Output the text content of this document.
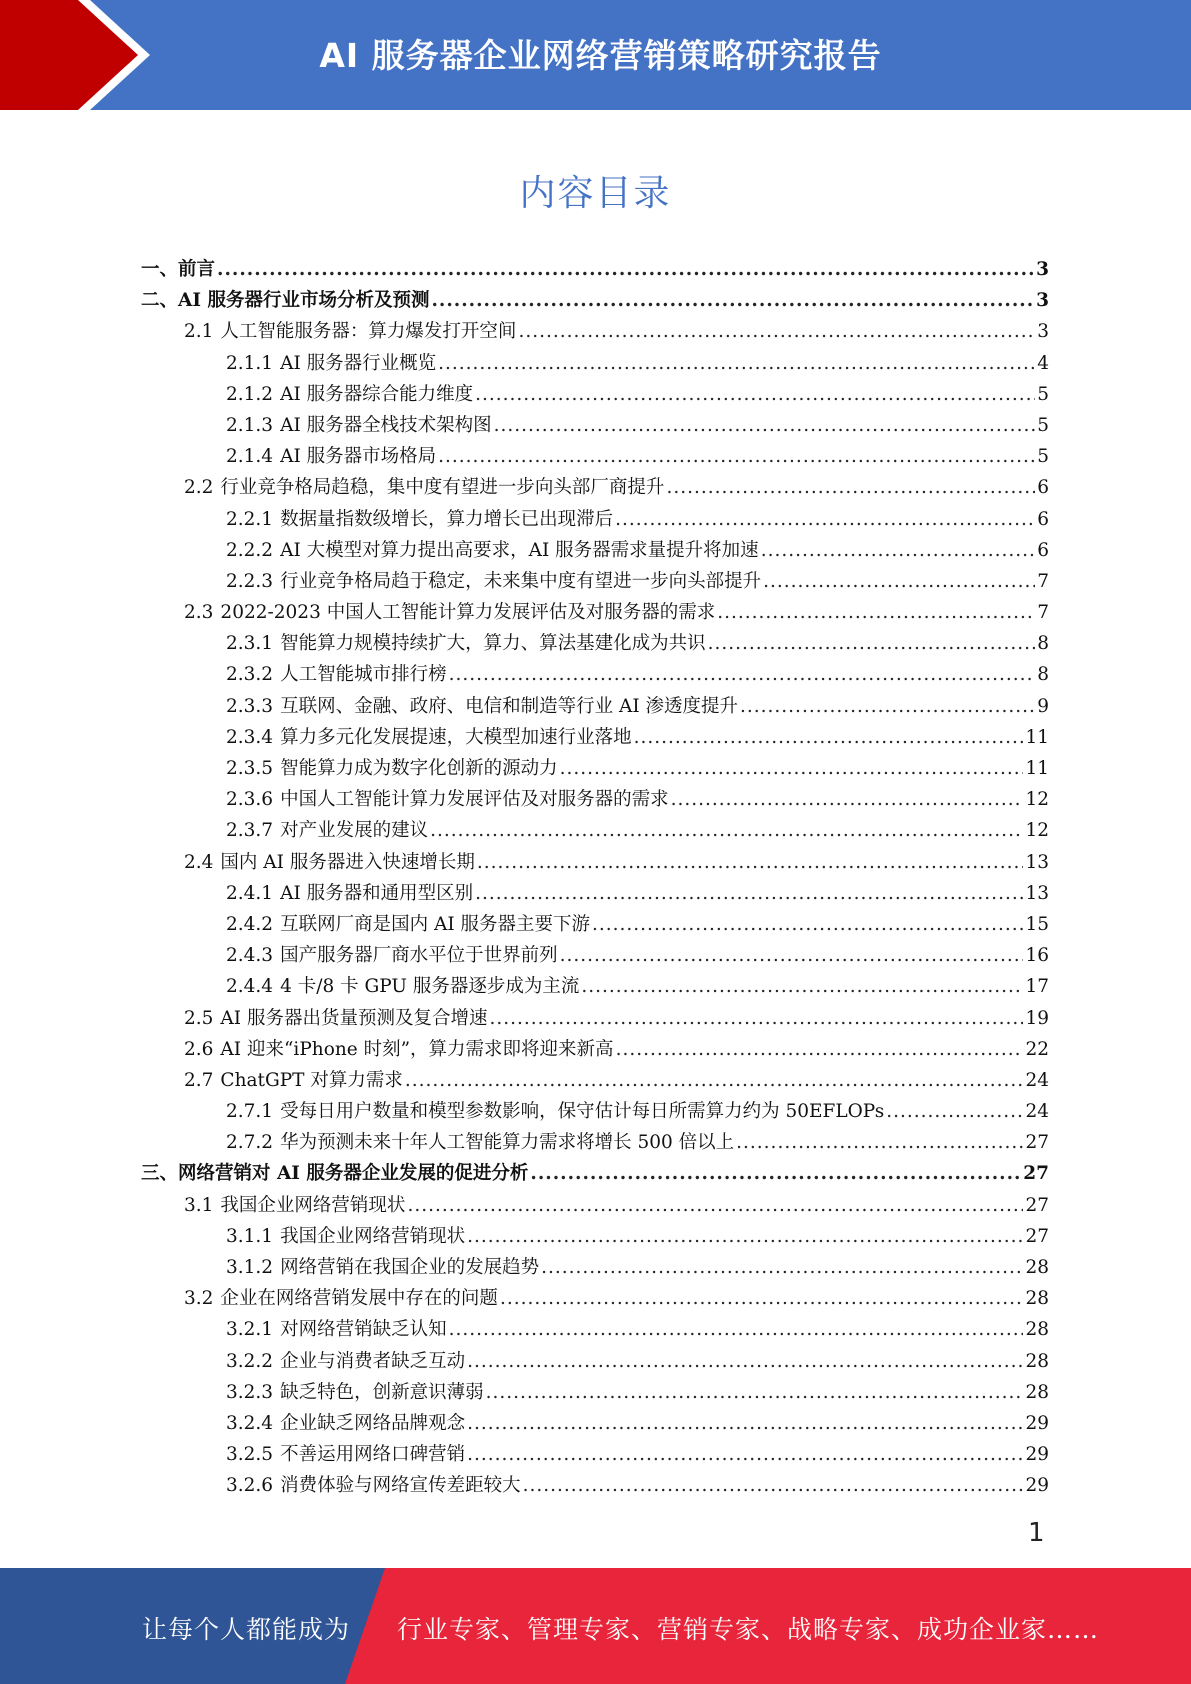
AI 服务器企业网络营销策略研究报告
内容目录
一、 前言 .....	3
二、 AI 服务器行业市场分析及预测 .....	3
2.1 人工智能服务器：算力爆发打开空间 .....	3
2.1.1 AI 服务器行业概览 .....	4
2.1.2 AI 服务器综合能力维度 .....	5
2.1.3 AI 服务器全栈技术架构图 .....	5
2.1.4 AI 服务器市场格局 .....	5
2.2 行业竞争格局趋稳，集中度有望进一步向头部厂商提升 .....	6
2.2.1 数据量指数级增长，算力增长已出现滞后 .....	6
2.2.2 AI 大模型对算力提出高要求，AI 服务器需求量提升将加速 .....	6
2.2.3 行业竞争格局趋于稳定，未来集中度有望进一步向头部提升 .....	7
2.3 2022-2023 中国人工智能计算力发展评估及对服务器的需求 .....	7
2.3.1 智能算力规模持续扩大，算力、算法基建化成为共识 .....	8
2.3.2 人工智能城市排行榜 .....	8
2.3.3 互联网、金融、政府、电信和制造等行业 AI 渗透度提升 .....	9
2.3.4 算力多元化发展提速，大模型加速行业落地 .....	11
2.3.5 智能算力成为数字化创新的源动力 .....	11
2.3.6 中国人工智能计算力发展评估及对服务器的需求 .....	12
2.3.7 对产业发展的建议 .....	12
2.4 国内 AI 服务器进入快速增长期 .....	13
2.4.1 AI 服务器和通用型区别 .....	13
2.4.2 互联网厂商是国内 AI 服务器主要下游 .....	15
2.4.3 国产服务器厂商水平位于世界前列 .....	16
2.4.4 4 卡/8 卡 GPU 服务器逐步成为主流 .....	17
2.5 AI 服务器出货量预测及复合增速 .....	19
2.6 AI 迎来“iPhone 时刻”，算力需求即将迎来新高 .....	22
2.7 ChatGPT 对算力需求 .....	24
2.7.1 受每日用户数量和模型参数影响，保守估计每日所需算力约为 50EFLOPs .....	24
2.7.2 华为预测未来十年人工智能算力需求将增长 500 倍以上 .....	27
三、 网络营销对 AI 服务器企业发展的促进分析 .....	27
3.1 我国企业网络营销现状 .....	27
3.1.1 我国企业网络营销现状 .....	27
3.1.2 网络营销在我国企业的发展趋势 .....	28
3.2 企业在网络营销发展中存在的问题 .....	28
3.2.1 对网络营销缺乏认知 .....	28
3.2.2 企业与消费者缺乏互动 .....	28
3.2.3 缺乏特色，创新意识薄弱 .....	28
3.2.4 企业缺乏网络品牌观念 .....	29
3.2.5 不善运用网络口碑营销 .....	29
3.2.6 消费体验与网络宣传差距较大 .....	29
1
让每个人都能成为 行业专家、管理专家、营销专家、战略专家、成功企业家……
